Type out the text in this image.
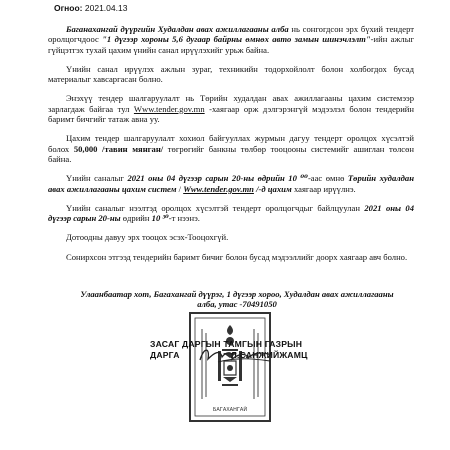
Огноо: 2021.04.13

Баганахангай дүүргийн Худалдан авах ажиллагааны алба нь сонгогдсон эрх бүхий тендерт оролцогчдоос "1 дүгээр хороны 5,6 дугаар байрны өмнөх авто замын шинэчлэлт"-ийн ажлыг гүйцэтгэх тухай цахим үнийн санал ирүүлэхийг урьж байна.

Үнийн санал ирүүлэх ажлын зураг, техникийн тодорхойлолт болон холбогдох бусад материалыг хавсаргасан болно.

Энэхүү тендер шалгаруулалт нь Төрийн худалдан авах ажиллагааны цахим системээр зарлагдаж байгаа тул Www.tender.gov.mn -хаягаар орж дэлгэрэнгүй мэдээлэл болон тендерийн баримт бичгийг татаж авна уу.

Цахим тендер шалгаруулалт хохиол байгууллах журмын дагуу тендерт оролцох хүсэлтэй болох 50,000 /тавин мянган/ төгрөгийг банкны төлбөр тооцооны системийг ашиглан төлсөн байна.

Үнийн саналыг 2021 оны 04 дүгээр сарын 20-ны өдрийн 10 ⁰⁰-аас өмнө Төрийн худалдан авах ажиллагааны цахим систем / Www.tender.gov.mn /-д цахим хаягаар ирүүлнэ.

Үнийн саналыг нээлтэд оролцох хүсэлтэй тендерт оролцогчдыг байлцуулан 2021 оны 04 дүгээр сарын 20-ны өдрийн 10 ³⁰-т нээнэ.

Дотоодны давуу эрх тооцох эсэх-Тооцохгүй.

Сонирхсон этгээд тендерийн баримт бичиг болон бусад мэдээллийг доорх хаягаар авч болно.

Улаанбаатар хот, Багахангай дүүрэг, 1 дүгээр хороо, Худалдан авах ажиллагааны
алба, утас -70491050
БАГАХАНГАЙ
ЗАСАГ ДАРГЫН ТАМГЫН ГАЗРЫН
ДАРГА	Л.САНЖИЙЖАМЦ
